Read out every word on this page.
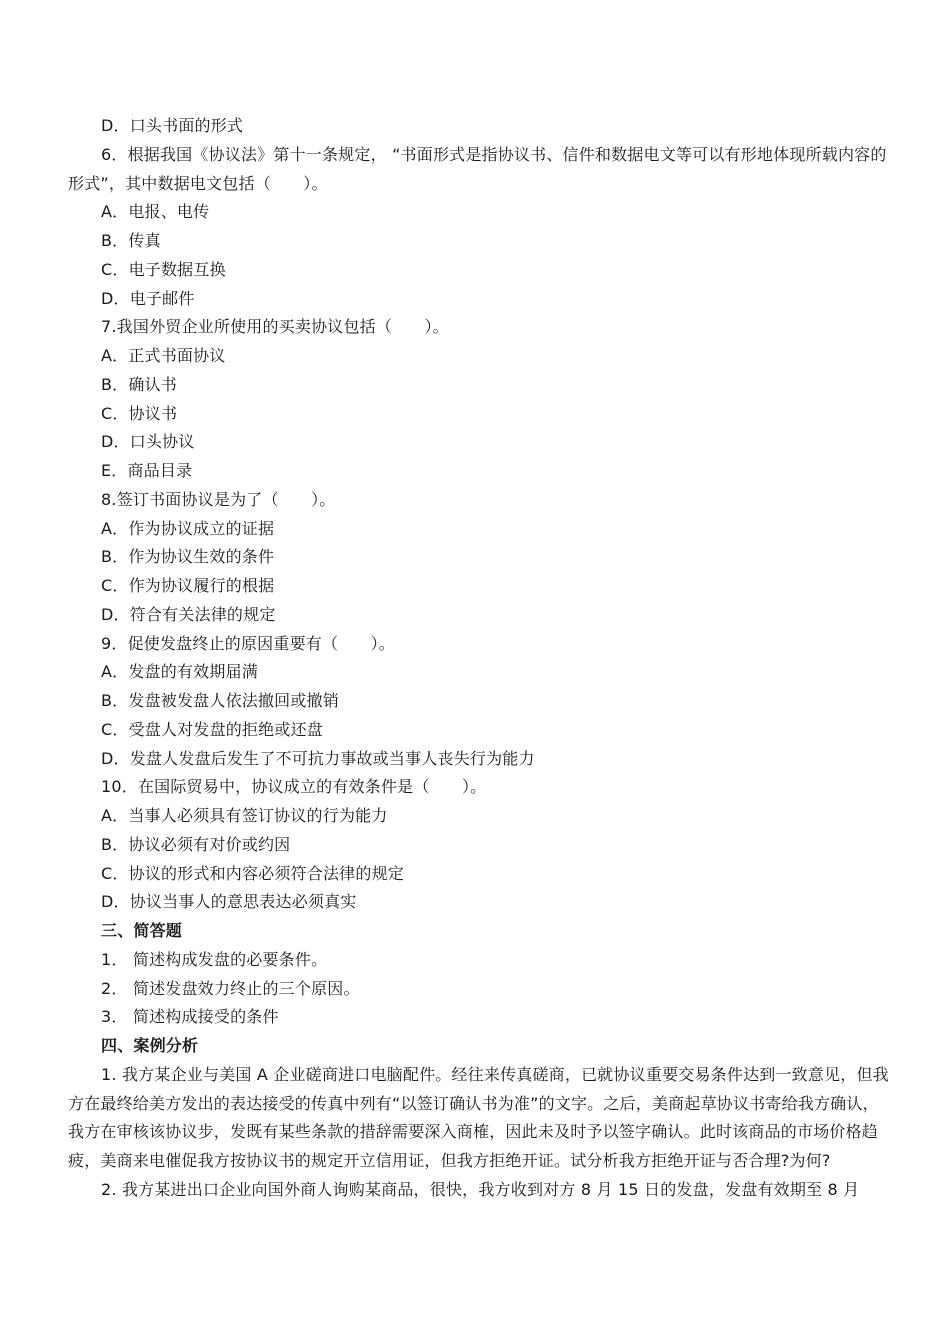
D．口头书面的形式
6．根据我国《协议法》第十一条规定， “书面形式是指协议书、信件和数据电文等可以有形地体现所载内容的形式”，其中数据电文包括（　　）。
A．电报、电传
B．传真
C．电子数据互换
D．电子邮件
7.我国外贸企业所使用的买卖协议包括（　　）。
A．正式书面协议
B．确认书
C．协议书
D．口头协议
E．商品目录
8.签订书面协议是为了（　　）。
A．作为协议成立的证据
B．作为协议生效的条件
C．作为协议履行的根据
D．符合有关法律的规定
9．促使发盘终止的原因重要有（　　）。
A．发盘的有效期届满
B．发盘被发盘人依法撤回或撤销
C．受盘人对发盘的拒绝或还盘
D．发盘人发盘后发生了不可抗力事故或当事人丧失行为能力
10．在国际贸易中，协议成立的有效条件是（　　）。
A．当事人必须具有签订协议的行为能力
B．协议必须有对价或约因
C．协议的形式和内容必须符合法律的规定
D．协议当事人的意思表达必须真实
三、简答题
1． 简述构成发盘的必要条件。
2． 简述发盘效力终止的三个原因。
3． 简述构成接受的条件
四、案例分析
1. 我方某企业与美国 A 企业磋商进口电脑配件。经往来传真磋商，已就协议重要交易条件达到一致意见，但我方在最终给美方发出的表达接受的传真中列有“以签订确认书为准”的文字。之后，美商起草协议书寄给我方确认，我方在审核该协议步，发既有某些条款的措辞需要深入商榷，因此未及时予以签字确认。此时该商品的市场价格趋疲，美商来电催促我方按协议书的规定开立信用证，但我方拒绝开证。试分析我方拒绝开证与否合理?为何?
2. 我方某进出口企业向国外商人询购某商品，很快，我方收到对方 8 月 15 日的发盘，发盘有效期至 8 月
